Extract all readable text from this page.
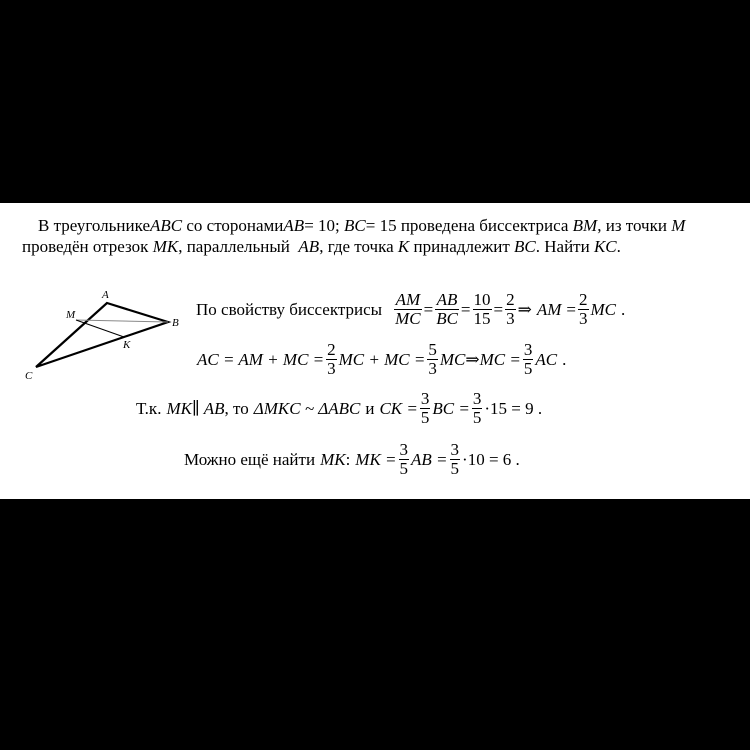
В треугольникеABC со сторонамиAB= 10; BC= 15 проведена биссектриса BM, из точки M проведён отрезок MK, параллельный AB, где точка K принадлежит BC. Найти KC.

A
B
C
M
K
По свойству биссектрисы $\frac{AM}{MC} = \frac{AB}{BC} = \frac{10}{15} = \frac{2}{3}$ ⇒ AM = $\frac{2}{3}$ MC .
AC = AM + MC = $\frac{2}{3}$ MC + MC = $\frac{5}{3}$ MC ⇒ MC = $\frac{3}{5}$ AC .
Т.к. MK∥ AB , то ΔMKC ~ ΔABC и CK = $\frac{3}{5}$ BC = $\frac{3}{5} \cdot 15 = 9$ .
Можно ещё найти MK : MK = $\frac{3}{5}$ AB = $\frac{3}{5} \cdot 10 = 6$ .
